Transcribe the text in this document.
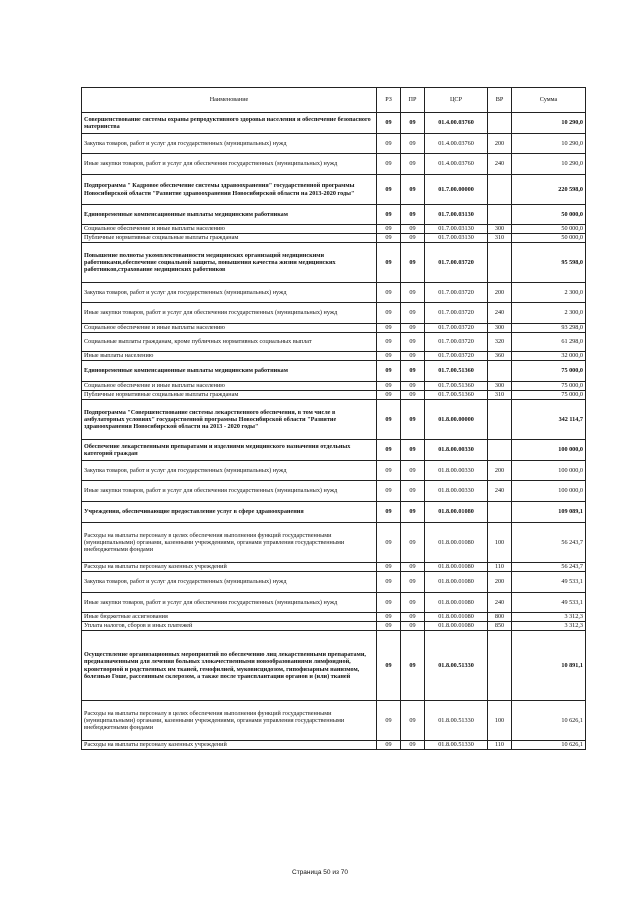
Наименование	РЗ	ПР	ЦСР	ВР	Сумма
Совершенствование системы охраны репродуктивного здоровья населения и обеспечение безопасного материнства	09	09	01.4.00.03760		10 290,0
Закупка товаров, работ и услуг для государственных (муниципальных) нужд	09	09	01.4.00.03760	200	10 290,0
Иные закупки товаров, работ и услуг для обеспечения государственных (муниципальных) нужд	09	09	01.4.00.03760	240	10 290,0
Подпрограмма " Кадровое обеспечение системы здравоохранения" государственной программы Новосибирской области "Развитие здравоохранения Новосибирской области на 2013-2020 годы"	09	09	01.7.00.00000		220 598,0
Единовременные компенсационные выплаты медицинским работникам	09	09	01.7.00.03130		50 000,0
Социальное обеспечение и иные выплаты населению	09	09	01.7.00.03130	300	50 000,0
Публичные нормативные социальные выплаты гражданам	09	09	01.7.00.03130	310	50 000,0
Повышение полноты укомплектованности медицинских организаций медицинскими работниками,обеспечение социальной защиты, повышения качества жизни медицинских работников,страхование медицинских работников	09	09	01.7.00.03720		95 598,0
Закупка товаров, работ и услуг для государственных (муниципальных) нужд	09	09	01.7.00.03720	200	2 300,0
Иные закупки товаров, работ и услуг для обеспечения государственных (муниципальных) нужд	09	09	01.7.00.03720	240	2 300,0
Социальное обеспечение и иные выплаты населению	09	09	01.7.00.03720	300	93 298,0
Социальные выплаты гражданам, кроме публичных нормативных социальных выплат	09	09	01.7.00.03720	320	61 298,0
Иные выплаты населению	09	09	01.7.00.03720	360	32 000,0
Единовременные компенсационные выплаты медицинским работникам	09	09	01.7.00.51360		75 000,0
Социальное обеспечение и иные выплаты населению	09	09	01.7.00.51360	300	75 000,0
Публичные нормативные социальные выплаты гражданам	09	09	01.7.00.51360	310	75 000,0
Подпрограмма "Совершенствование системы лекарственного обеспечения, в том числе в амбулаторных условиях" государственной программы Новосибирской области "Развитие здравоохранения Новосибирской области на 2013 - 2020 годы"	09	09	01.8.00.00000		342 114,7
Обеспечение лекарственными препаратами и изделиями медицинского назначения отдельных категорий граждан	09	09	01.8.00.00330		100 000,0
Закупка товаров, работ и услуг для государственных (муниципальных) нужд	09	09	01.8.00.00330	200	100 000,0
Иные закупки товаров, работ и услуг для обеспечения государственных (муниципальных) нужд	09	09	01.8.00.00330	240	100 000,0
Учреждения, обеспечивающие предоставление услуг в сфере здравоохранения	09	09	01.8.00.01080		109 089,1
Расходы на выплаты персоналу в целях обеспечения выполнения функций государственными (муниципальными) органами, казенными учреждениями, органами управления государственными внебюджетными фондами	09	09	01.8.00.01080	100	56 243,7
Расходы на выплаты персоналу казенных учреждений	09	09	01.8.00.01080	110	56 243,7
Закупка товаров, работ и услуг для государственных (муниципальных) нужд	09	09	01.8.00.01080	200	49 533,1
Иные закупки товаров, работ и услуг для обеспечения государственных (муниципальных) нужд	09	09	01.8.00.01080	240	49 533,1
Иные бюджетные ассигнования	09	09	01.8.00.01080	800	3 312,3
Уплата налогов, сборов и иных платежей	09	09	01.8.00.01080	850	3 312,3
Осуществление организационных мероприятий по обеспечению лиц лекарственными препаратами, предназначенными для лечения больных злокачественными новообразованиями лимфоидной, кроветворной и родственных им тканей, гемофилией, муковисцидозом, гипофизарным нанизмом, болезнью Гоше, рассеянным склерозом, а также после трансплантации органов и (или) тканей	09	09	01.8.00.51330		10 891,1
Расходы на выплаты персоналу в целях обеспечения выполнения функций государственными (муниципальными) органами, казенными учреждениями, органами управления государственными внебюджетными фондами	09	09	01.8.00.51330	100	10 626,1
Расходы на выплаты персоналу казенных учреждений	09	09	01.8.00.51330	110	10 626,1
Страница 50 из 70
